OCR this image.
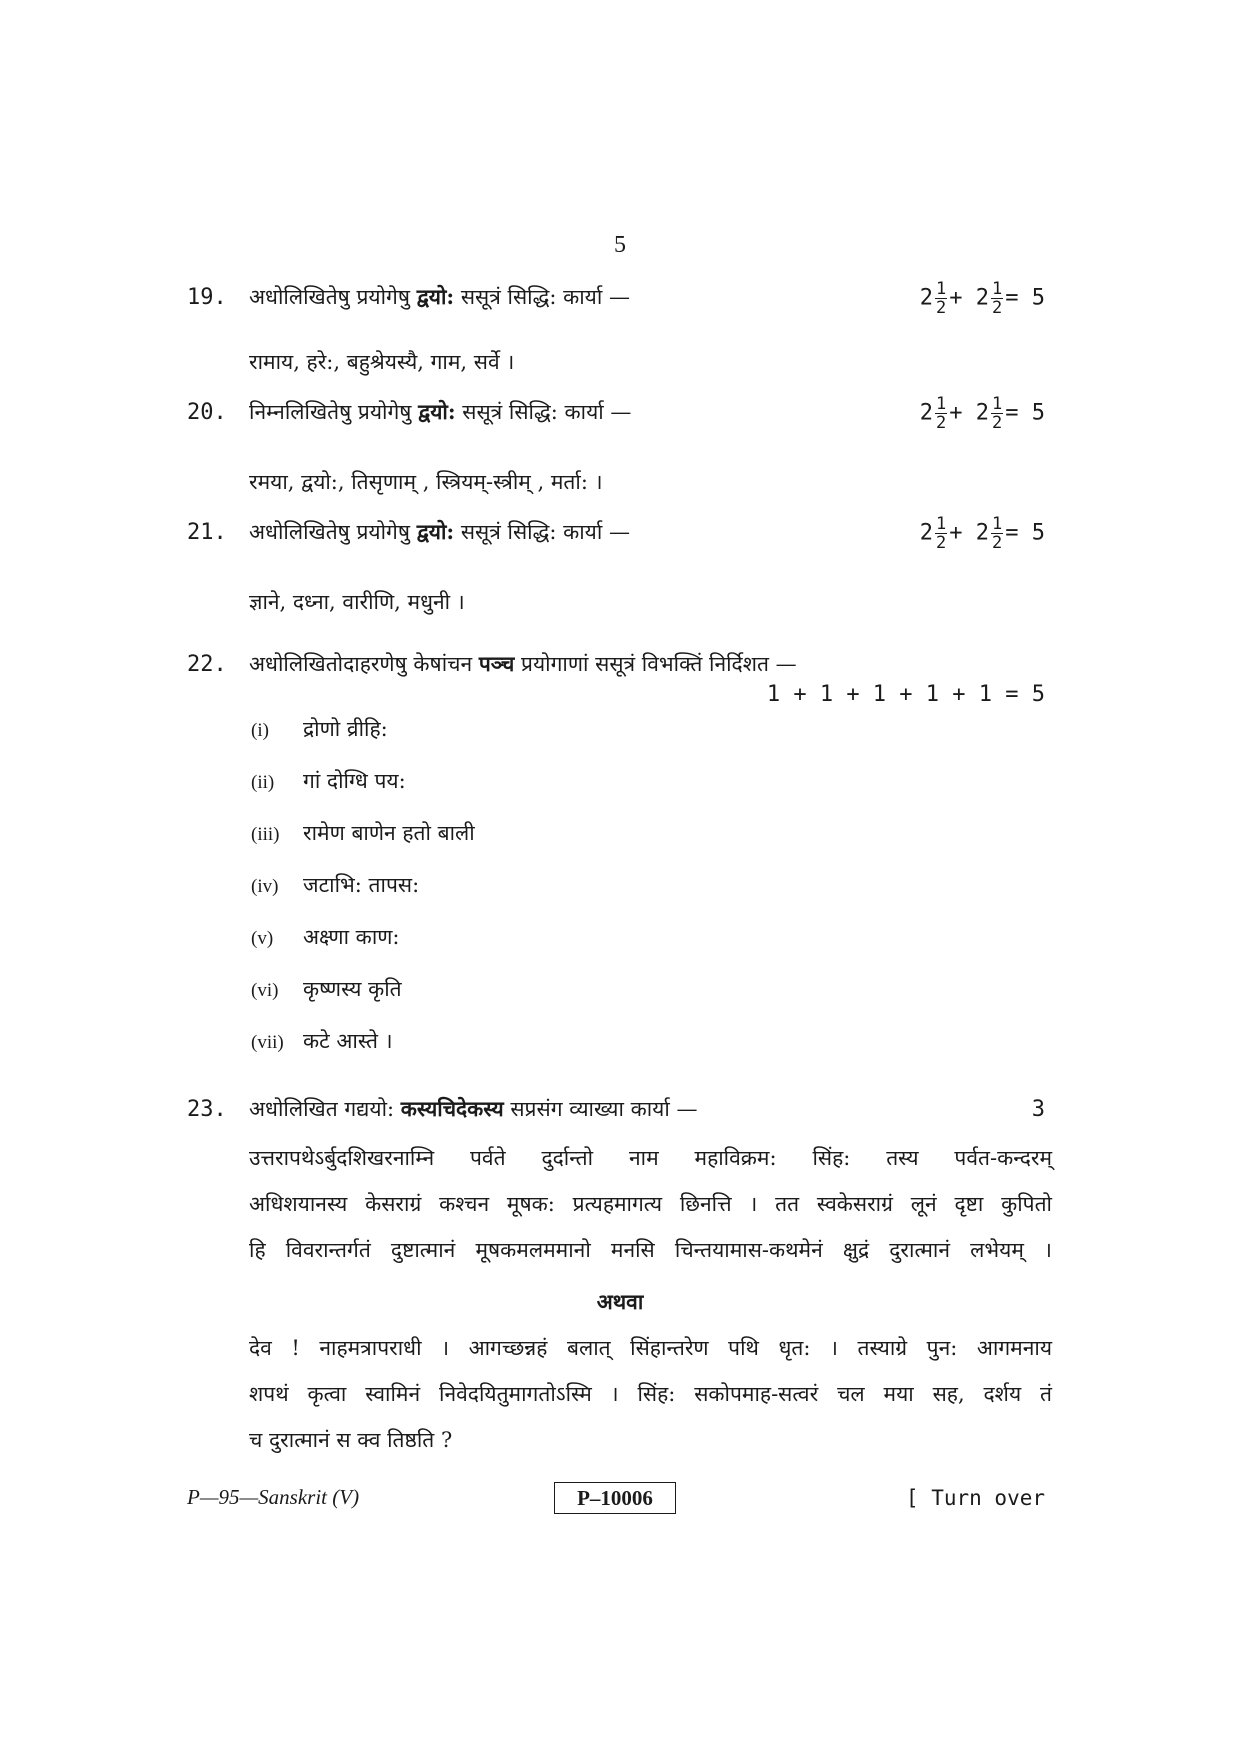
5
19. अधोलिखितेषु प्रयोगेषु द्वयो: ससूत्रं सिद्धि: कार्या —	$2 \frac{1}{2} + 2 \frac{1}{2} = 5$
रामाय, हरे:, बहुश्रेयस्यै, गाम, सर्वे ।
20. निम्नलिखितेषु प्रयोगेषु द्वयो: ससूत्रं सिद्धि: कार्या —	$2 \frac{1}{2} + 2 \frac{1}{2} = 5$
रमया, द्वयो:, तिसृणाम् , स्त्रियम्-स्त्रीम् , मर्ता: ।
21. अधोलिखितेषु प्रयोगेषु द्वयो: ससूत्रं सिद्धि: कार्या —	$2 \frac{1}{2} + 2 \frac{1}{2} = 5$
ज्ञाने, दध्ना, वारीणि, मधुनी ।
22. अधोलिखितोदाहरणेषु केषांचन पञ्च प्रयोगाणां ससूत्रं विभक्तिं निर्दिशत —
1 + 1 + 1 + 1 + 1 = 5
(i) द्रोणो व्रीहि:
(ii) गां दोग्धि पय:
(iii) रामेण बाणेन हतो बाली
(iv) जटाभि: तापस:
(v) अक्ष्णा काण:
(vi) कृष्णस्य कृति
(vii) कटे आस्ते ।
23. अधोलिखित गद्ययो: कस्यचिदेकस्य सप्रसंग व्याख्या कार्या —	3
उत्तरापथेऽर्बुदशिखरनाम्नि पर्वते दुर्दान्तो नाम महाविक्रम: सिंह: तस्य पर्वत-कन्दरम्
अधिशयानस्य केसराग्रं कश्चन मूषक: प्रत्यहमागत्य छिनत्ति । तत स्वकेसराग्रं लूनं दृष्टा कुपितो
हि विवरान्तर्गतं दुष्टात्मानं मूषकमलममानो मनसि चिन्तयामास-कथमेनं क्षुद्रं दुरात्मानं लभेयम् ।
अथवा
देव ! नाहमत्रापराधी । आगच्छन्नहं बलात् सिंहान्तरेण पथि धृत: । तस्याग्रे पुन: आगमनाय
शपथं कृत्वा स्वामिनं निवेदयितुमागतोऽस्मि । सिंह: सकोपमाह-सत्वरं चल मया सह, दर्शय तं
च दुरात्मानं स क्व तिष्ठति ?
P—95—Sanskrit (V)	P–10006	[ Turn over
